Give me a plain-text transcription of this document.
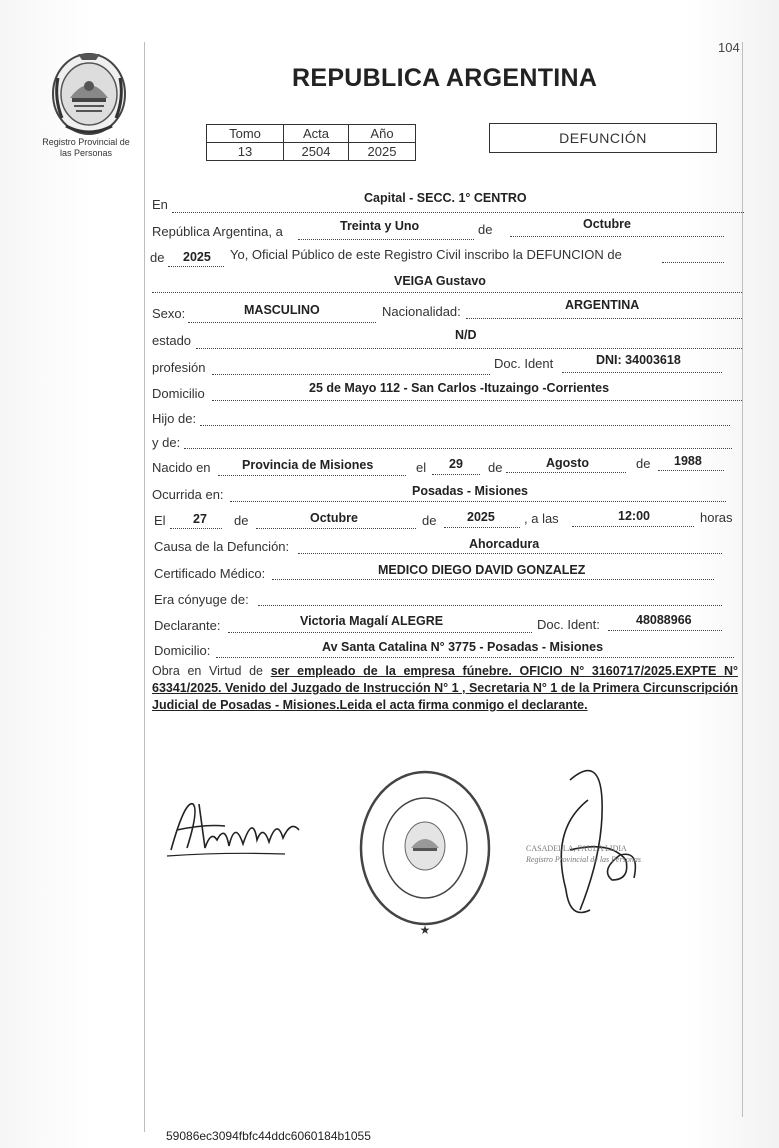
104
Registro Provincial de
las Personas
REPUBLICA ARGENTINA
Tomo	Acta	Año
13	2504	2025
DEFUNCIÓN
En	Capital - SECC. 1° CENTRO
República Argentina, a	Treinta y Uno	de	Octubre
de 2025 Yo, Oficial Público de este Registro Civil inscribo la DEFUNCION de
VEIGA Gustavo
Sexo:	MASCULINO	Nacionalidad:	ARGENTINA
estado	N/D
profesión	Doc. Ident	DNI: 34003618
Domicilio	25 de Mayo 112 - San Carlos -Ituzaingo -Corrientes
Hijo de:
y de:
Nacido en	Provincia de Misiones	el 29 de	Agosto	de 1988
Ocurrida en:	Posadas - Misiones
El 27 de	Octubre	de 2025 , a las	12:00	horas
Causa de la Defunción:	Ahorcadura
Certificado Médico:	MEDICO DIEGO DAVID GONZALEZ
Era cónyuge de:
Declarante:	Victoria Magalí ALEGRE	Doc. Ident:	48088966
Domicilio:	Av Santa Catalina N° 3775 - Posadas - Misiones
Obra en Virtud de ser empleado de la empresa fúnebre. OFICIO N° 3160717/2025.EXPTE N° 63341/2025. Venido del Juzgado de Instrucción N° 1 , Secretaria N° 1 de la Primera Circunscripción Judicial de Posadas - Misiones.Leida el acta firma conmigo el declarante.
★
CASADELLA, PAULA LIDIA
Registro Provincial de las Personas
59086ec3094fbfc44ddc6060184b1055
